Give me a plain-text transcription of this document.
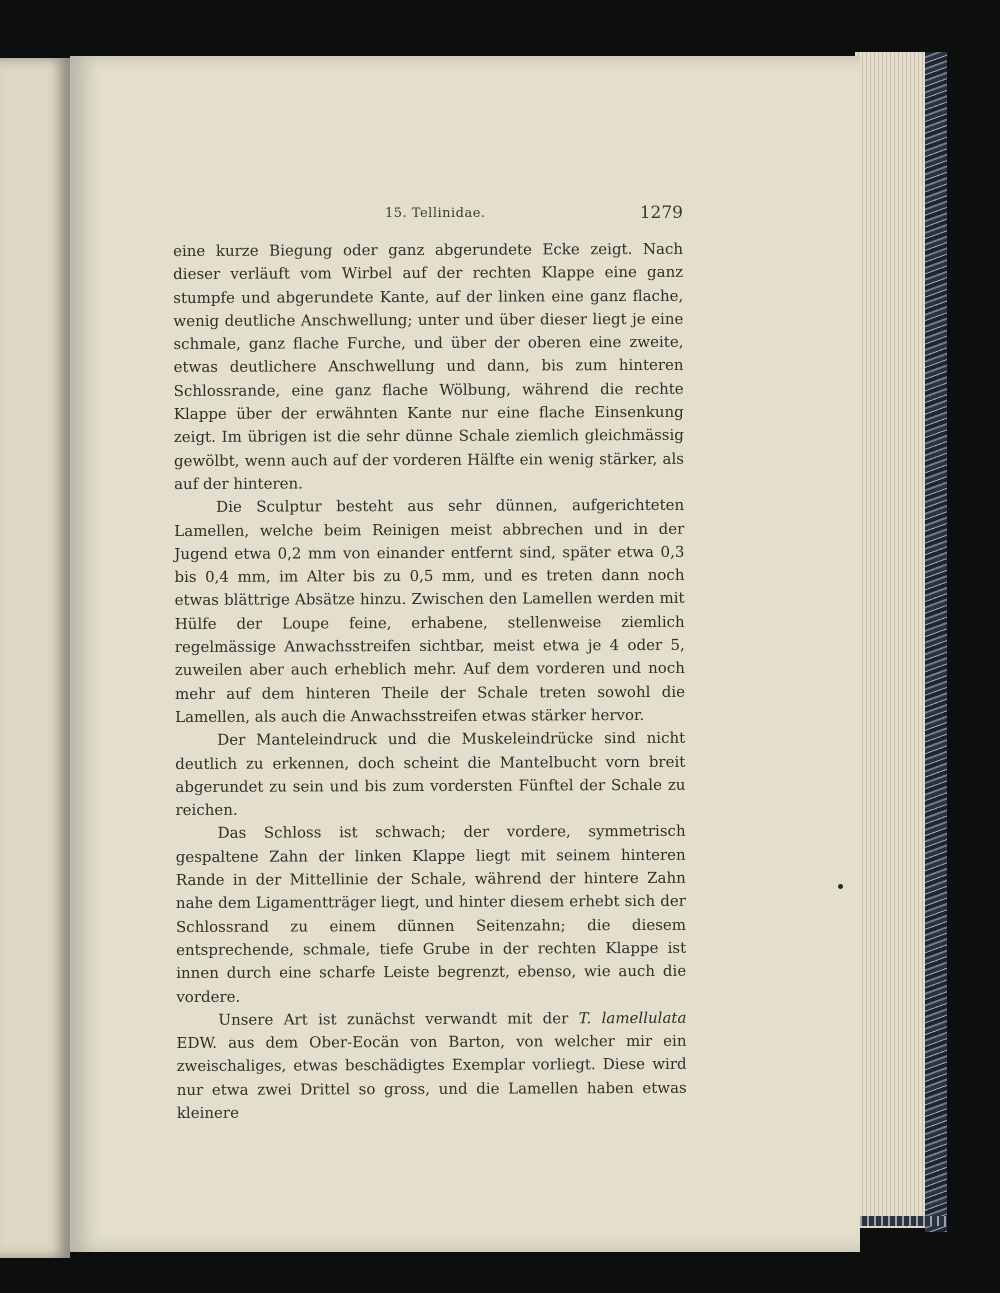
15. Tellinidae.	1279

eine kurze Biegung oder ganz abgerundete Ecke zeigt. Nach dieser verläuft vom Wirbel auf der rechten Klappe eine ganz stumpfe und abgerundete Kante, auf der linken eine ganz flache, wenig deutliche Anschwellung; unter und über dieser liegt je eine schmale, ganz flache Furche, und über der oberen eine zweite, etwas deutlichere Anschwellung und dann, bis zum hinteren Schlossrande, eine ganz flache Wölbung, während die rechte Klappe über der erwähnten Kante nur eine flache Einsenkung zeigt. Im übrigen ist die sehr dünne Schale ziemlich gleichmässig gewölbt, wenn auch auf der vorderen Hälfte ein wenig stärker, als auf der hinteren.

Die Sculptur besteht aus sehr dünnen, aufgerichteten Lamellen, welche beim Reinigen meist abbrechen und in der Jugend etwa 0,2 mm von einander entfernt sind, später etwa 0,3 bis 0,4 mm, im Alter bis zu 0,5 mm, und es treten dann noch etwas blättrige Absätze hinzu. Zwischen den Lamellen werden mit Hülfe der Loupe feine, erhabene, stellenweise ziemlich regelmässige Anwachsstreifen sichtbar, meist etwa je 4 oder 5, zuweilen aber auch erheblich mehr. Auf dem vorderen und noch mehr auf dem hinteren Theile der Schale treten sowohl die Lamellen, als auch die Anwachsstreifen etwas stärker hervor.

Der Manteleindruck und die Muskeleindrücke sind nicht deutlich zu erkennen, doch scheint die Mantelbucht vorn breit abgerundet zu sein und bis zum vordersten Fünftel der Schale zu reichen.

Das Schloss ist schwach; der vordere, symmetrisch gespaltene Zahn der linken Klappe liegt mit seinem hinteren Rande in der Mittellinie der Schale, während der hintere Zahn nahe dem Ligamentträger liegt, und hinter diesem erhebt sich der Schlossrand zu einem dünnen Seitenzahn; die diesem entsprechende, schmale, tiefe Grube in der rechten Klappe ist innen durch eine scharfe Leiste begrenzt, ebenso, wie auch die vordere.

Unsere Art ist zunächst verwandt mit der T. lamellulata EDW. aus dem Ober-Eocän von Barton, von welcher mir ein zweischaliges, etwas beschädigtes Exemplar vorliegt. Diese wird nur etwa zwei Drittel so gross, und die Lamellen haben etwas kleinere
